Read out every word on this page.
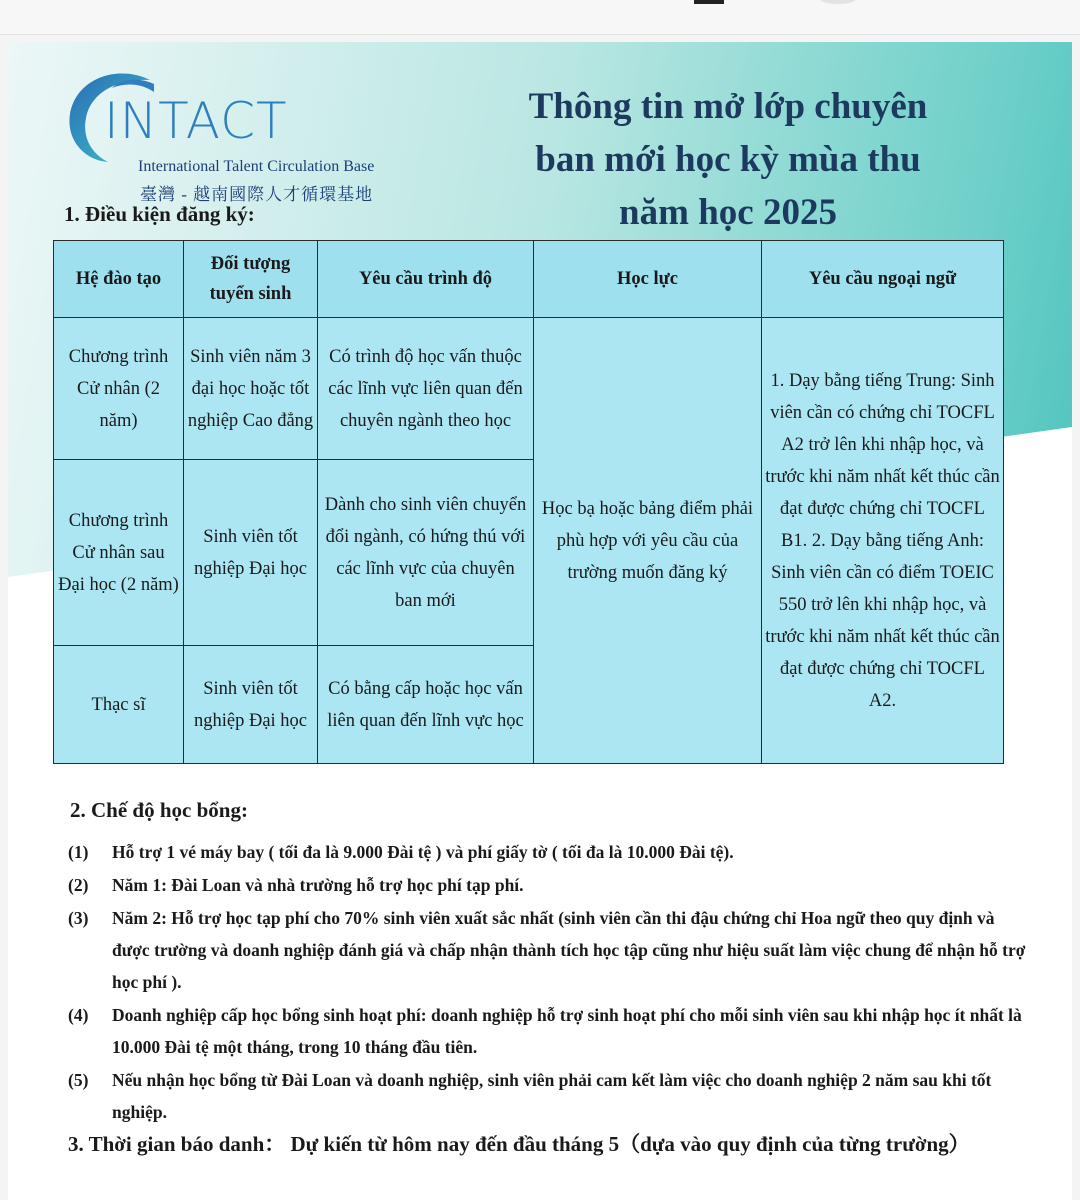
INTACT
International Talent Circulation Base
臺灣 - 越南國際人才循環基地
Thông tin mở lớp chuyên
ban mới học kỳ mùa thu
năm học 2025
1. Điều kiện đăng ký:
Hệ đào tạo	Đối tượng tuyển sinh	Yêu cầu trình độ	Học lực	Yêu cầu ngoại ngữ
Chương trình Cử nhân (2 năm)	Sinh viên năm 3 đại học hoặc tốt nghiệp Cao đẳng	Có trình độ học vấn thuộc các lĩnh vực liên quan đến chuyên ngành theo học	Học bạ hoặc bảng điểm phải phù hợp với yêu cầu của trường muốn đăng ký	1. Dạy bằng tiếng Trung: Sinh viên cần có chứng chỉ TOCFL A2 trở lên khi nhập học, và trước khi năm nhất kết thúc cần đạt được chứng chỉ TOCFL B1. 2. Dạy bằng tiếng Anh: Sinh viên cần có điểm TOEIC 550 trở lên khi nhập học, và trước khi năm nhất kết thúc cần đạt được chứng chỉ TOCFL A2.
Chương trình Cử nhân sau Đại học (2 năm)	Sinh viên tốt nghiệp Đại học	Dành cho sinh viên chuyển đổi ngành, có hứng thú với các lĩnh vực của chuyên ban mới		
Thạc sĩ	Sinh viên tốt nghiệp Đại học	Có bằng cấp hoặc học vấn liên quan đến lĩnh vực học		
2. Chế độ học bổng:
(1)	Hỗ trợ 1 vé máy bay ( tối đa là 9.000 Đài tệ ) và phí giấy tờ ( tối đa là 10.000 Đài tệ).
(2)	Năm 1: Đài Loan và nhà trường hỗ trợ học phí tạp phí.
(3)	Năm 2: Hỗ trợ học tạp phí cho 70% sinh viên xuất sắc nhất (sinh viên cần thi đậu chứng chỉ Hoa ngữ theo quy định và được trường và doanh nghiệp đánh giá và chấp nhận thành tích học tập cũng như hiệu suất làm việc chung để nhận hỗ trợ học phí ).
(4)	Doanh nghiệp cấp học bổng sinh hoạt phí: doanh nghiệp hỗ trợ sinh hoạt phí cho mỗi sinh viên sau khi nhập học ít nhất là 10.000 Đài tệ một tháng, trong 10 tháng đầu tiên.
(5)	Nếu nhận học bổng từ Đài Loan và doanh nghiệp, sinh viên phải cam kết làm việc cho doanh nghiệp 2 năm sau khi tốt nghiệp.
3. Thời gian báo danh： Dự kiến từ hôm nay đến đầu tháng 5（dựa vào quy định của từng trường）
